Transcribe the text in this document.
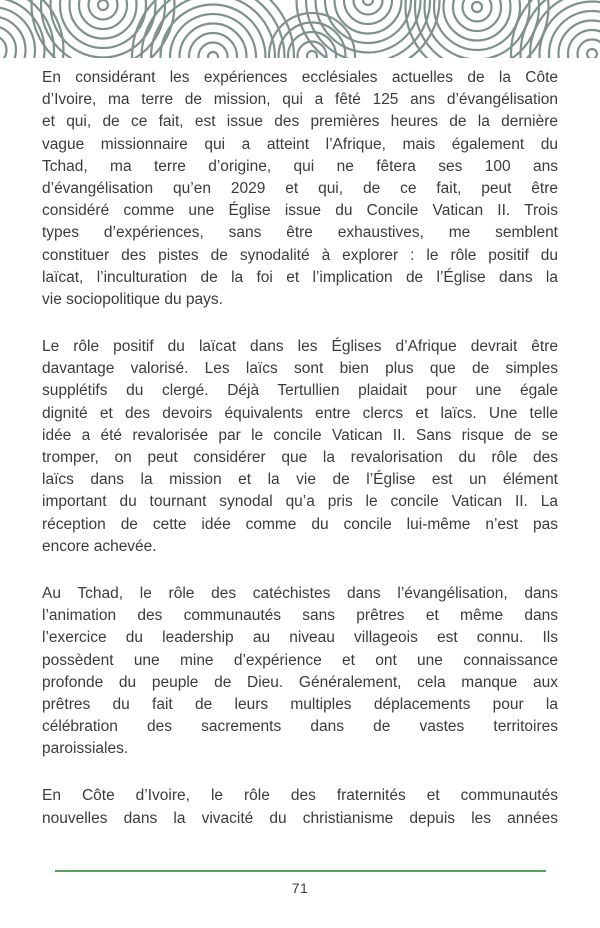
En considérant les expériences ecclésiales actuelles de la Côte
d’Ivoire, ma terre de mission, qui a fêté 125 ans d’évangélisation
et qui, de ce fait, est issue des premières heures de la dernière
vague missionnaire qui a atteint l’Afrique, mais également du
Tchad, ma terre d’origine, qui ne fêtera ses 100 ans
d’évangélisation qu’en 2029 et qui, de ce fait, peut être
considéré comme une Église issue du Concile Vatican II. Trois
types d’expériences, sans être exhaustives, me semblent
constituer des pistes de synodalité à explorer : le rôle positif du
laïcat, l’inculturation de la foi et l’implication de l’Église dans la
vie sociopolitique du pays.
Le rôle positif du laïcat dans les Églises d’Afrique devrait être
davantage valorisé. Les laïcs sont bien plus que de simples
supplétifs du clergé. Déjà Tertullien plaidait pour une égale
dignité et des devoirs équivalents entre clercs et laïcs. Une telle
idée a été revalorisée par le concile Vatican II. Sans risque de se
tromper, on peut considérer que la revalorisation du rôle des
laïcs dans la mission et la vie de l’Église est un élément
important du tournant synodal qu’a pris le concile Vatican II. La
réception de cette idée comme du concile lui-même n’est pas
encore achevée.
Au Tchad, le rôle des catéchistes dans l’évangélisation, dans
l’animation des communautés sans prêtres et même dans
l’exercice du leadership au niveau villageois est connu. Ils
possèdent une mine d’expérience et ont une connaissance
profonde du peuple de Dieu. Généralement, cela manque aux
prêtres du fait de leurs multiples déplacements pour la
célébration des sacrements dans de vastes territoires
paroissiales.
En Côte d’Ivoire, le rôle des fraternités et communautés
nouvelles dans la vivacité du christianisme depuis les années
71
